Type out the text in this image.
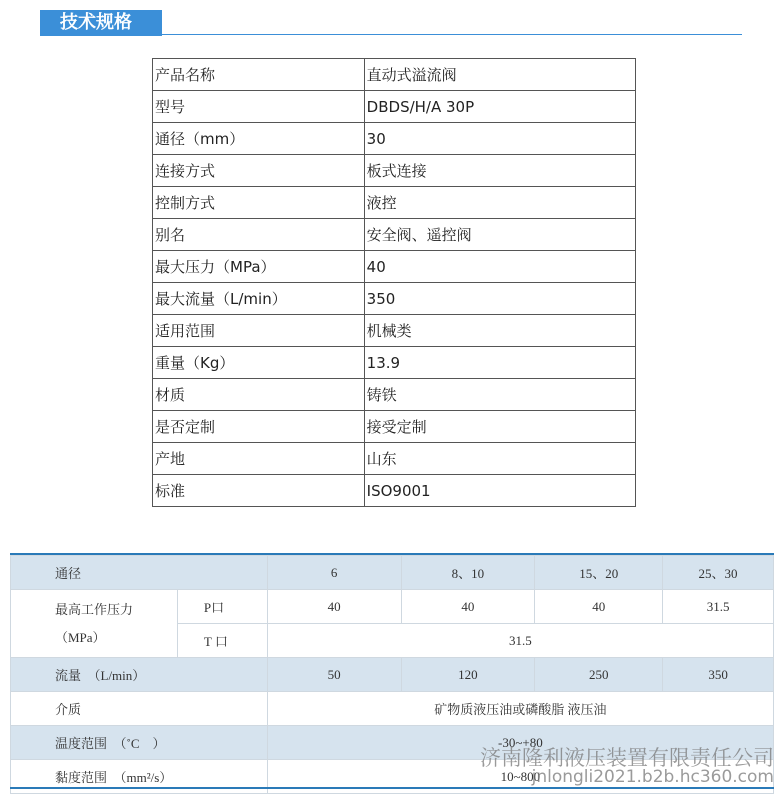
技术规格
产品名称	直动式溢流阀
型号	DBDS/H/A 30P
通径（mm）	30
连接方式	板式连接
控制方式	液控
别名	安全阀、遥控阀
最大压力（MPa）	40
最大流量（L/min）	350
适用范围	机械类
重量（Kg）	13.9
材质	铸铁
是否定制	接受定制
产地	山东
标准	ISO9001
通径		6	8、10	15、20	25、30

最高工作压力
（MPa）	P口	40	40	40	31.5
	T 口	31.5			
流量　（L/min）		50	120	250	350
介质		矿物质液压油或磷酸脂 液压油			
温度范围　（˚C　）		-30~+80			
黏度范围　（mm²/s）		10~800			
济南隆利液压装置有限责任公司
jnlongli2021.b2b.hc360.com
